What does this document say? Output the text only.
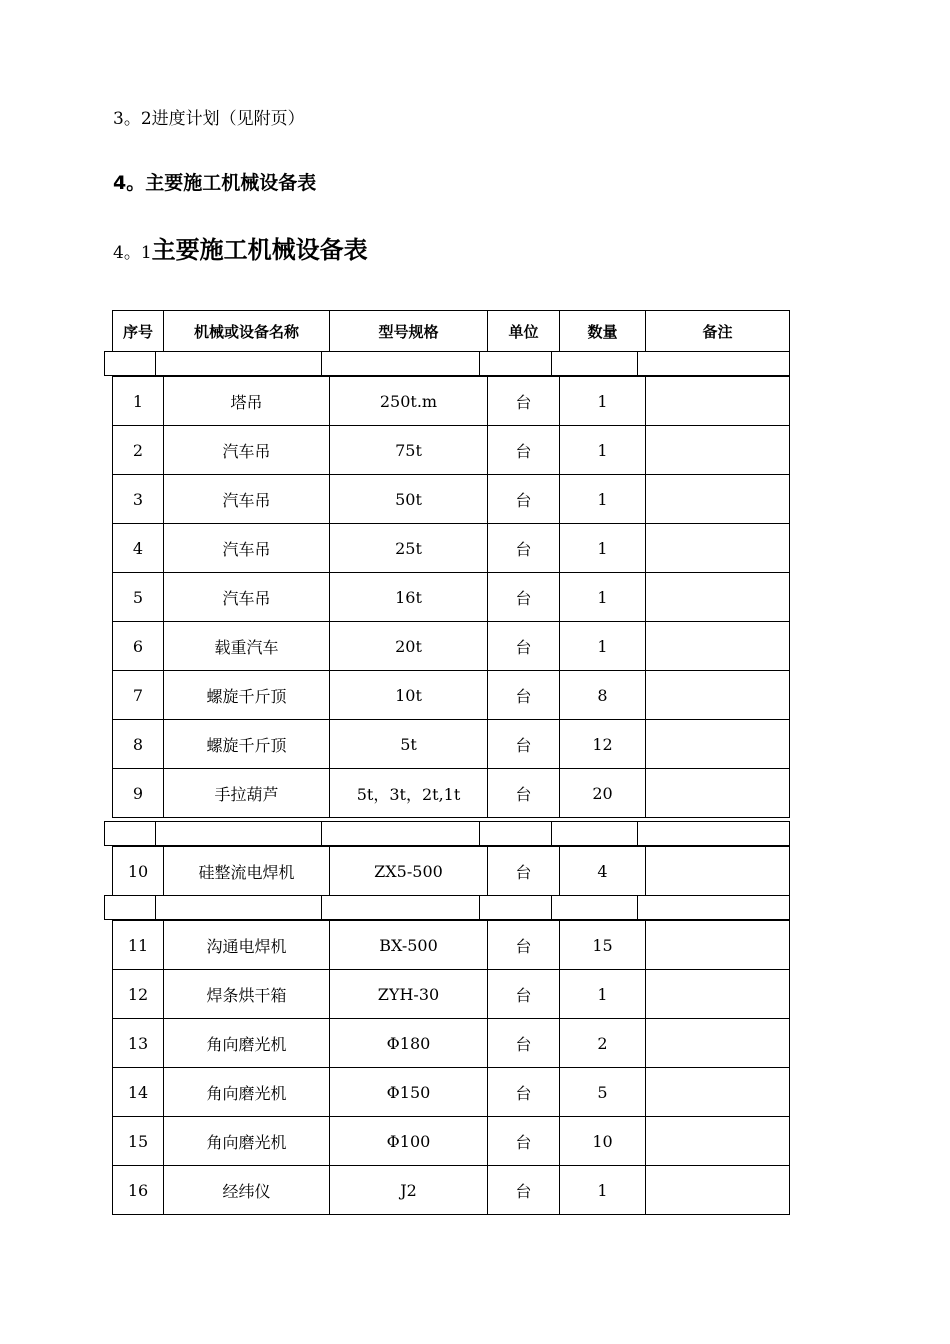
3。2进度计划（见附页）
4。主要施工机械设备表
4。1主要施工机械设备表
序号	机械或设备名称	型号规格	单位	数量	备注

1	塔吊	250t.m	台	1	
2	汽车吊	75t	台	1	
3	汽车吊	50t	台	1	
4	汽车吊	25t	台	1	
5	汽车吊	16t	台	1	
6	载重汽车	20t	台	1	
7	螺旋千斤顶	10t	台	8	
8	螺旋千斤顶	5t	台	12	
9	手拉葫芦	5t，3t，2t,1t	台	20	

10	硅整流电焊机	ZX5-500	台	4	

11	沟通电焊机	BX-500	台	15	
12	焊条烘干箱	ZYH-30	台	1	
13	角向磨光机	Φ180	台	2	
14	角向磨光机	Φ150	台	5	
15	角向磨光机	Φ100	台	10	
16	经纬仪	J2	台	1	
